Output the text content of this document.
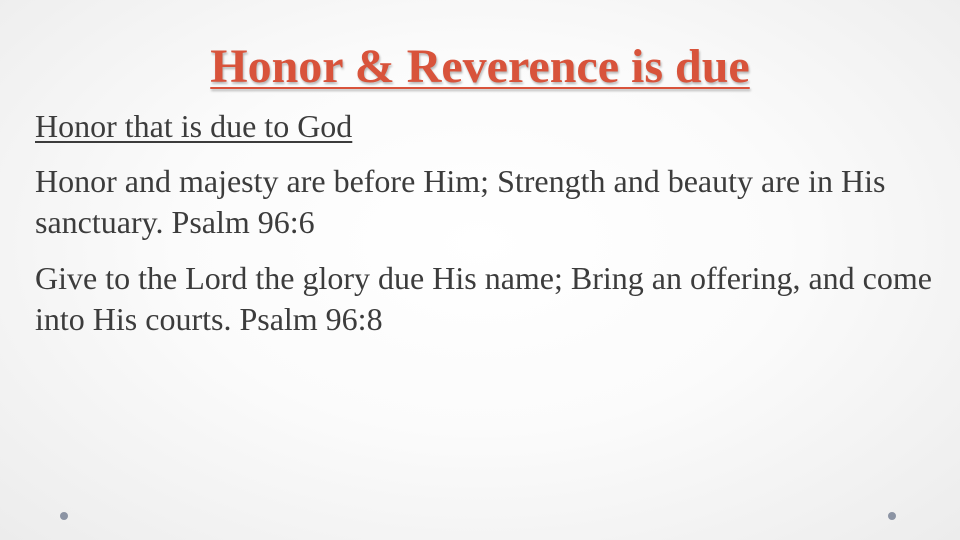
Honor & Reverence is due

Honor that is due to God

Honor and majesty are before Him; Strength and beauty are in His sanctuary. Psalm 96:6

Give to the Lord the glory due His name; Bring an offering, and come into His courts. Psalm 96:8
